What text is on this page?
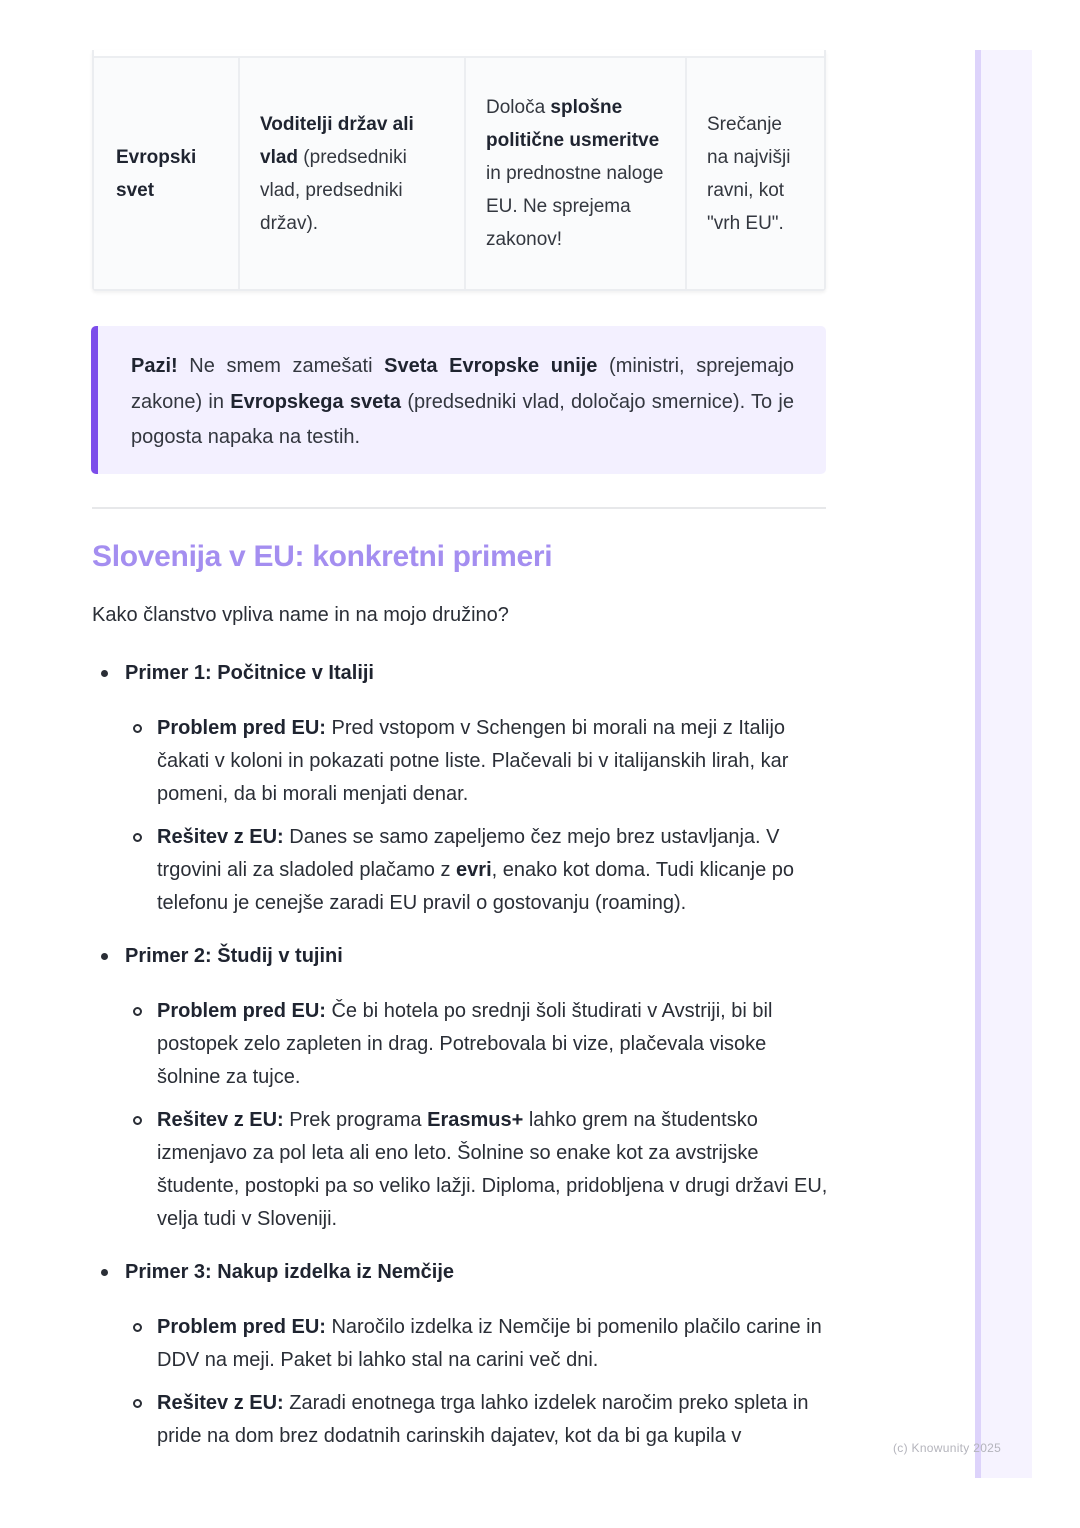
Evropski svet	Voditelji držav ali vlad (predsedniki vlad, predsedniki držav).	Določa splošne politične usmeritve in prednostne naloge EU. Ne sprejema zakonov!	Srečanje na najvišji ravni, kot "vrh EU".
Pazi! Ne smem zamešati Sveta Evropske unije (ministri, sprejemajo zakone) in Evropskega sveta (predsedniki vlad, določajo smernice). To je pogosta napaka na testih.
Slovenija v EU: konkretni primeri
Kako članstvo vpliva name in na mojo družino?
Primer 1: Počitnice v Italiji
Problem pred EU: Pred vstopom v Schengen bi morali na meji z Italijo čakati v koloni in pokazati potne liste. Plačevali bi v italijanskih lirah, kar pomeni, da bi morali menjati denar.
Rešitev z EU: Danes se samo zapeljemo čez mejo brez ustavljanja. V trgovini ali za sladoled plačamo z evri, enako kot doma. Tudi klicanje po telefonu je cenejše zaradi EU pravil o gostovanju (roaming).
Primer 2: Študij v tujini
Problem pred EU: Če bi hotela po srednji šoli študirati v Avstriji, bi bil postopek zelo zapleten in drag. Potrebovala bi vize, plačevala visoke šolnine za tujce.
Rešitev z EU: Prek programa Erasmus+ lahko grem na študentsko izmenjavo za pol leta ali eno leto. Šolnine so enake kot za avstrijske študente, postopki pa so veliko lažji. Diploma, pridobljena v drugi državi EU, velja tudi v Sloveniji.
Primer 3: Nakup izdelka iz Nemčije
Problem pred EU: Naročilo izdelka iz Nemčije bi pomenilo plačilo carine in DDV na meji. Paket bi lahko stal na carini več dni.
Rešitev z EU: Zaradi enotnega trga lahko izdelek naročim preko spleta in pride na dom brez dodatnih carinskih dajatev, kot da bi ga kupila v
(c) Knowunity 2025
